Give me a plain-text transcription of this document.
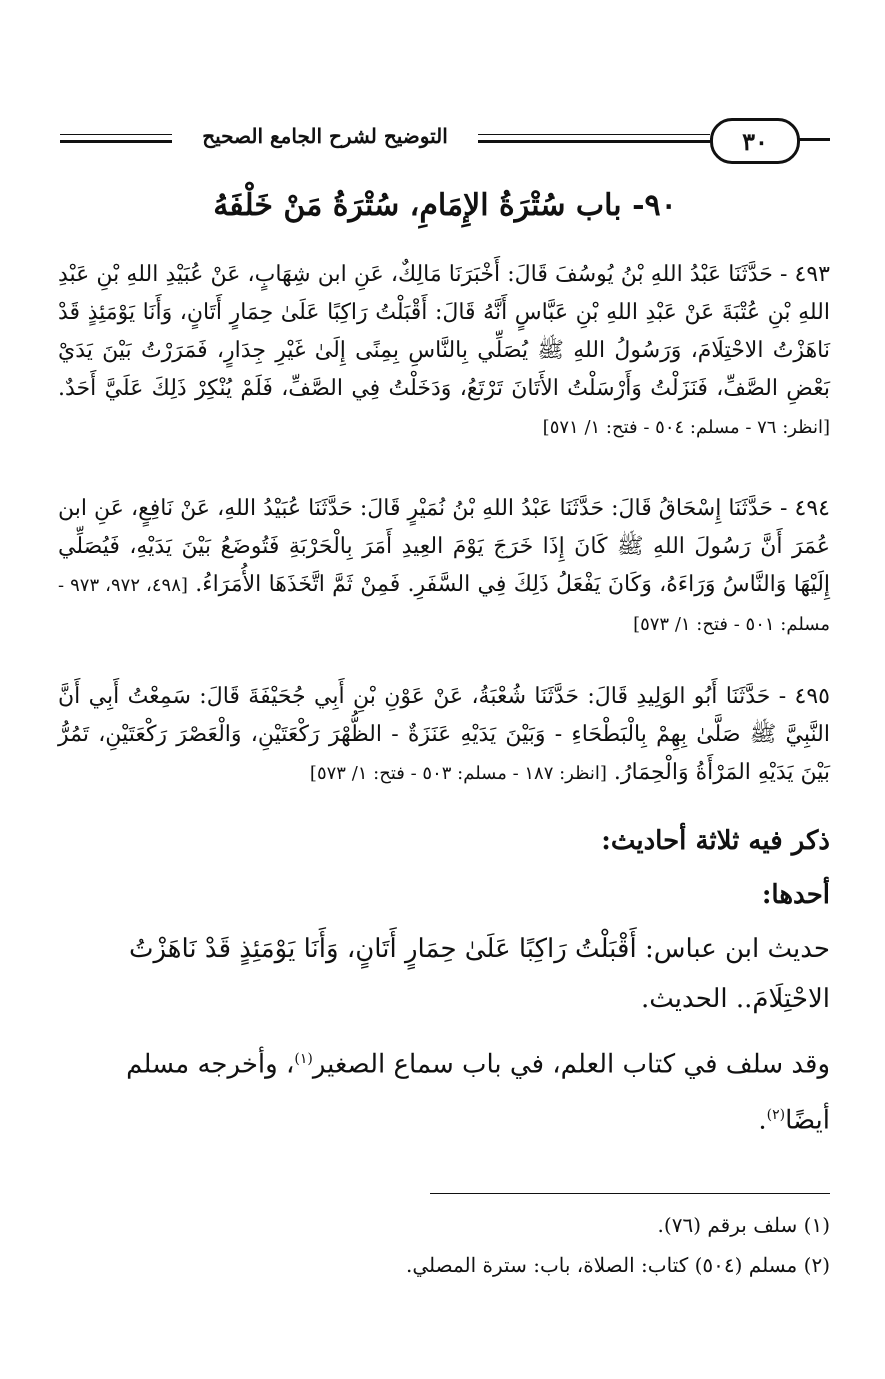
التوضيح لشرح الجامع الصحيح	٣٠
٩٠- باب سُتْرَةُ الإِمَامِ، سُتْرَةُ مَنْ خَلْفَهُ
٤٩٣ - حَدَّثَنَا عَبْدُ اللهِ بْنُ يُوسُفَ قَالَ: أَخْبَرَنَا مَالِكٌ، عَنِ ابن شِهَابٍ، عَنْ عُبَيْدِ اللهِ بْنِ عَبْدِ اللهِ بْنِ عُتْبَةَ عَنْ عَبْدِ اللهِ بْنِ عَبَّاسٍ أَنَّهُ قَالَ: أَقْبَلْتُ رَاكِبًا عَلَىٰ حِمَارٍ أَتَانٍ، وَأَنَا يَوْمَئِذٍ قَدْ نَاهَزْتُ الاحْتِلَامَ، وَرَسُولُ اللهِ ﷺ يُصَلِّي بِالنَّاسِ بِمِنًى إِلَىٰ غَيْرِ جِدَارٍ، فَمَرَرْتُ بَيْنَ يَدَيْ بَعْضِ الصَّفِّ، فَنَزَلْتُ وَأَرْسَلْتُ الأَتَانَ تَرْتَعُ، وَدَخَلْتُ فِي الصَّفِّ، فَلَمْ يُنْكِرْ ذَلِكَ عَلَيَّ أَحَدٌ. [انظر: ٧٦ - مسلم: ٥٠٤ - فتح: ١/ ٥٧١]
٤٩٤ - حَدَّثَنَا إِسْحَاقُ قَالَ: حَدَّثَنَا عَبْدُ اللهِ بْنُ نُمَيْرٍ قَالَ: حَدَّثَنَا عُبَيْدُ اللهِ، عَنْ نَافِعٍ، عَنِ ابن عُمَرَ أَنَّ رَسُولَ اللهِ ﷺ كَانَ إِذَا خَرَجَ يَوْمَ العِيدِ أَمَرَ بِالْحَرْبَةِ فَتُوضَعُ بَيْنَ يَدَيْهِ، فَيُصَلِّي إِلَيْهَا وَالنَّاسُ وَرَاءَهُ، وَكَانَ يَفْعَلُ ذَلِكَ فِي السَّفَرِ. فَمِنْ ثَمَّ اتَّخَذَهَا الأُمَرَاءُ. [٤٩٨، ٩٧٢، ٩٧٣ - مسلم: ٥٠١ - فتح: ١/ ٥٧٣]
٤٩٥ - حَدَّثَنَا أَبُو الوَلِيدِ قَالَ: حَدَّثَنَا شُعْبَةُ، عَنْ عَوْنِ بْنِ أَبِي جُحَيْفَةَ قَالَ: سَمِعْتُ أَبِي أَنَّ النَّبِيَّ ﷺ صَلَّىٰ بِهِمْ بِالْبَطْحَاءِ - وَبَيْنَ يَدَيْهِ عَنَزَةٌ - الظُّهْرَ رَكْعَتَيْنِ، وَالْعَصْرَ رَكْعَتَيْنِ، تَمُرُّ بَيْنَ يَدَيْهِ المَرْأَةُ وَالْحِمَارُ. [انظر: ١٨٧ - مسلم: ٥٠٣ - فتح: ١/ ٥٧٣]
ذكر فيه ثلاثة أحاديث:
أحدها:
حديث ابن عباس: أَقْبَلْتُ رَاكِبًا عَلَىٰ حِمَارٍ أَتَانٍ، وَأَنَا يَوْمَئِذٍ قَدْ نَاهَزْتُ الاحْتِلَامَ.. الحديث.
وقد سلف في كتاب العلم، في باب سماع الصغير$^{(١)}$، وأخرجه مسلم أيضًا$^{(٢)}$.
(١) سلف برقم (٧٦).
(٢) مسلم (٥٠٤) كتاب: الصلاة، باب: سترة المصلي.
